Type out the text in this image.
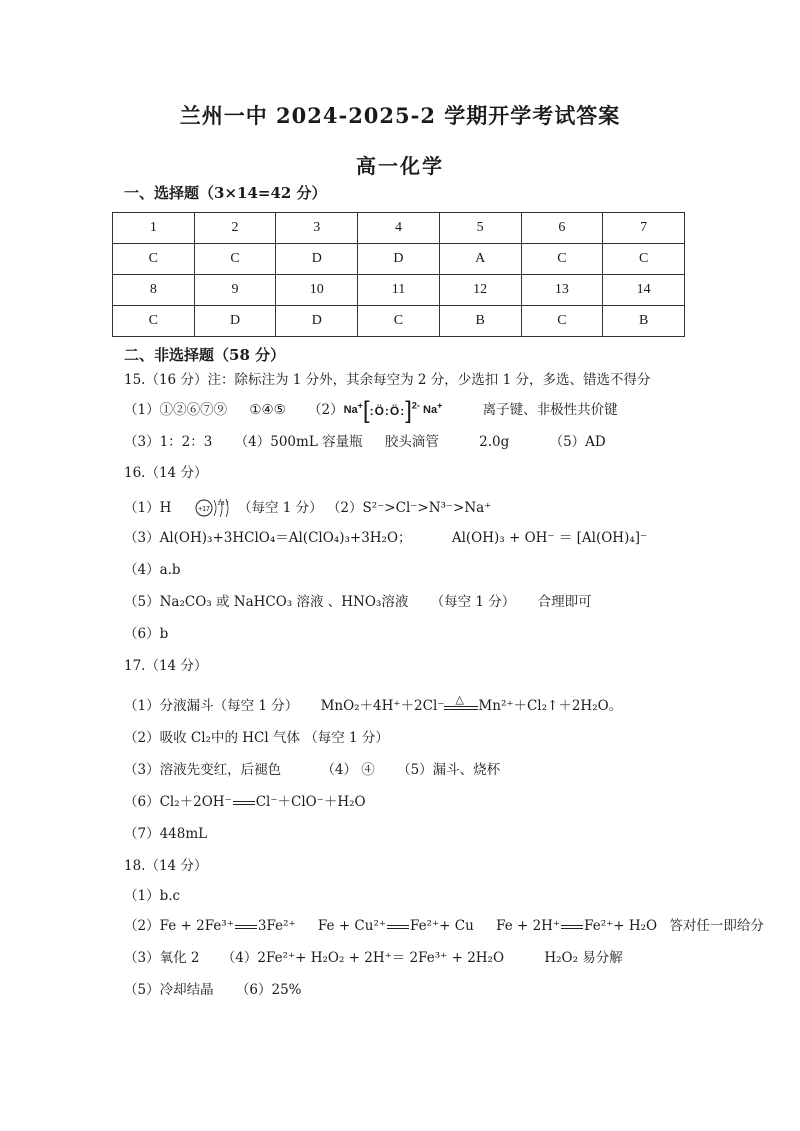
兰州一中 2024-2025-2 学期开学考试答案
高一化学
一、选择题（3×14=42 分）
1	2	3	4	5	6	7
C	C	D	D	A	C	C
8	9	10	11	12	13	14
C	D	D	C	B	C	B
二、非选择题（58 分）
15.（16 分）注：除标注为 1 分外，其余每空为 2 分，少选扣 1 分，多选、错选不得分
（1）①②⑥⑦⑨ ①④⑤ （2）Na+[:Ö:Ö:]$^{2-}$ Na+	离子键、非极性共价键
（3）1：2：3 （4）500mL 容量瓶 胶头滴管	2.0g	（5）AD
16.（14 分）
（1）H	+17
2 8 7 （每空 1 分） （2）S²⁻>Cl⁻>N³⁻>Na⁺
（3）Al(OH)₃+3HClO₄＝Al(ClO₄)₃+3H₂O；	Al(OH)₃ + OH⁻ ＝ [Al(OH)₄]⁻
（4）a.b
（5）Na₂CO₃ 或 NaHCO₃ 溶液 、HNO₃溶液 （每空 1 分） 合理即可
（6）b
17.（14 分）
（1）分液漏斗（每空 1 分） MnO₂＋4H⁺＋2Cl⁻ △ Mn²⁺＋Cl₂↑＋2H₂O。
（2）吸收 Cl₂中的 HCl 气体 （每空 1 分）
（3）溶液先变红，后褪色	（4） ④ （5）漏斗、烧杯
（6）Cl₂＋2OH⁻ Cl⁻＋ClO⁻＋H₂O
（7）448mL
18.（14 分）
（1）b.c
（2）Fe + 2Fe³⁺ 3Fe²⁺ Fe + Cu²⁺ Fe²⁺+ Cu Fe + 2H⁺ Fe²⁺+ H₂O 答对任一即给分
（3）氧化 2 （4）2Fe²⁺+ H₂O₂ + 2H⁺＝ 2Fe³⁺ + 2H₂O	H₂O₂ 易分解
（5）冷却结晶 （6）25%
